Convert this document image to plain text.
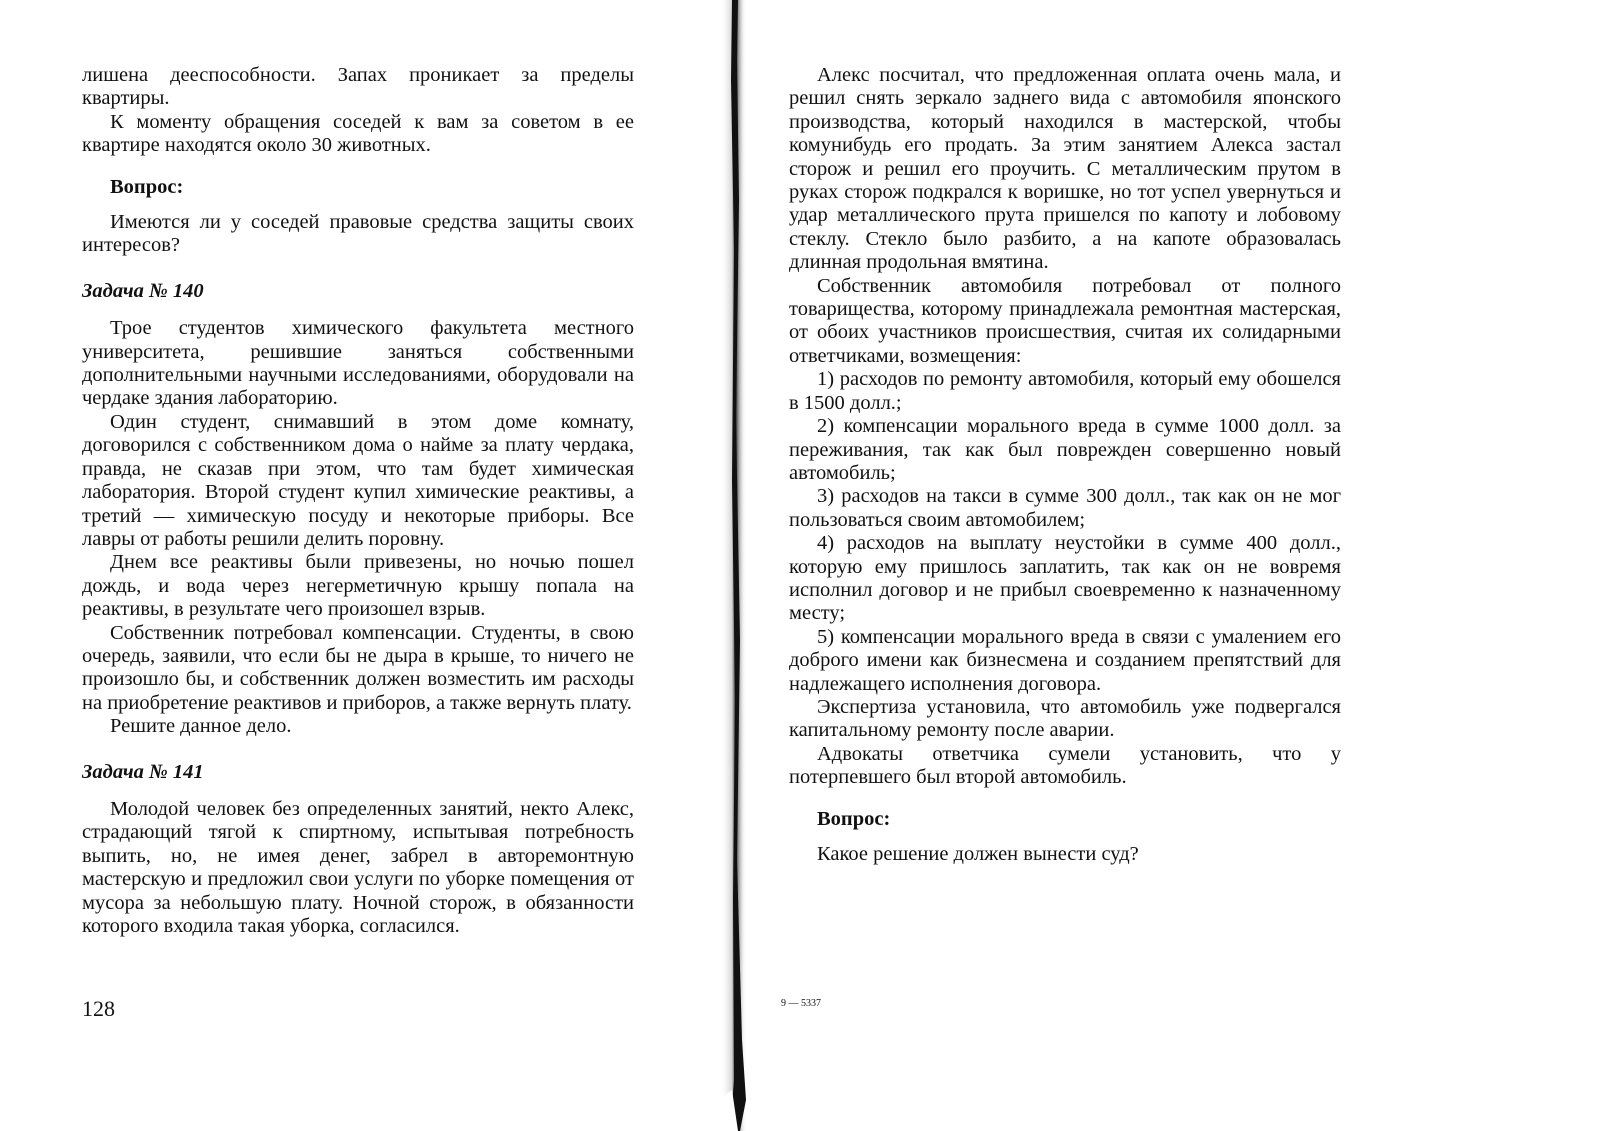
лишена дееспособности. Запах проникает за пределы квартиры.

К моменту обращения соседей к вам за советом в ее квартире находятся около 30 животных.

Вопрос:

Имеются ли у соседей правовые средства защиты своих интересов?

Задача № 140

Трое студентов химического факультета местного университета, решившие заняться собственными дополнительными научными исследованиями, оборудовали на чердаке здания лабораторию.

Один студент, снимавший в этом доме комнату, договорился с собственником дома о найме за плату чердака, правда, не сказав при этом, что там будет химическая лаборатория. Второй студент купил химические реактивы, а третий — химическую посуду и некоторые приборы. Все лавры от работы решили делить поровну.

Днем все реактивы были привезены, но ночью пошел дождь, и вода через негерметичную крышу попала на реактивы, в результате чего произошел взрыв.

Собственник потребовал компенсации. Студенты, в свою очередь, заявили, что если бы не дыра в крыше, то ничего не произошло бы, и собственник должен возместить им расходы на приобретение реактивов и приборов, а также вернуть плату.

Решите данное дело.

Задача № 141

Молодой человек без определенных занятий, некто Алекс, страдающий тягой к спиртному, испытывая потребность выпить, но, не имея денег, забрел в авторемонтную мастерскую и предложил свои услуги по уборке помещения от мусора за небольшую плату. Ночной сторож, в обязанности которого входила такая уборка, согласился.

128

Алекс посчитал, что предложенная оплата очень мала, и решил снять зеркало заднего вида с автомобиля японского производства, который находился в мастерской, чтобы комунибудь его продать. За этим занятием Алекса застал сторож и решил его проучить. С металлическим прутом в руках сторож подкрался к воришке, но тот успел увернуться и удар металлического прута пришелся по капоту и лобовому стеклу. Стекло было разбито, а на капоте образовалась длинная продольная вмятина.

Собственник автомобиля потребовал от полного товарищества, которому принадлежала ремонтная мастерская, от обоих участников происшествия, считая их солидарными ответчиками, возмещения:

1) расходов по ремонту автомобиля, который ему обошелся в 1500 долл.;

2) компенсации морального вреда в сумме 1000 долл. за переживания, так как был поврежден совершенно новый автомобиль;

3) расходов на такси в сумме 300 долл., так как он не мог пользоваться своим автомобилем;

4) расходов на выплату неустойки в сумме 400 долл., которую ему пришлось заплатить, так как он не вовремя исполнил договор и не прибыл своевременно к назначенному месту;

5) компенсации морального вреда в связи с умалением его доброго имени как бизнесмена и созданием препятствий для надлежащего исполнения договора.

Экспертиза установила, что автомобиль уже подвергался капитальному ремонту после аварии.

Адвокаты ответчика сумели установить, что у потерпевшего был второй автомобиль.

Вопрос:

Какое решение должен вынести суд?

9 — 5337
